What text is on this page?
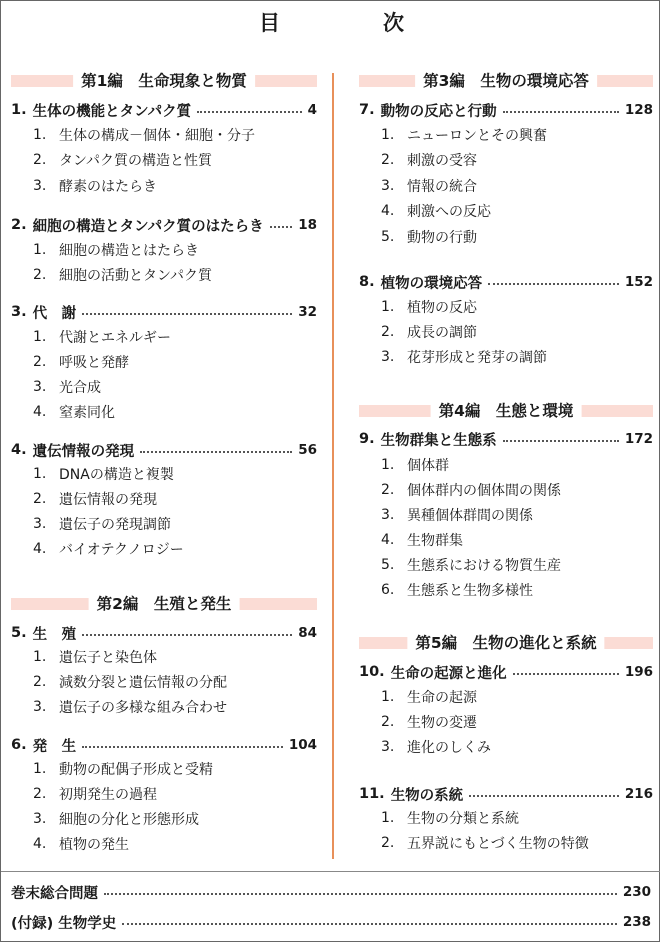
目	次
第1編　生命現象と物質
1. 生体の機能とタンパク質	4
1. 生体の構成－個体・細胞・分子
2. タンパク質の構造と性質
3. 酵素のはたらき
2. 細胞の構造とタンパク質のはたらき	18
1. 細胞の構造とはたらき
2. 細胞の活動とタンパク質
3. 代　謝	32
1. 代謝とエネルギー
2. 呼吸と発酵
3. 光合成
4. 窒素同化
4. 遺伝情報の発現	56
1. DNAの構造と複製
2. 遺伝情報の発現
3. 遺伝子の発現調節
4. バイオテクノロジー
第2編　生殖と発生
5. 生　殖	84
1. 遺伝子と染色体
2. 減数分裂と遺伝情報の分配
3. 遺伝子の多様な組み合わせ
6. 発　生	104
1. 動物の配偶子形成と受精
2. 初期発生の過程
3. 細胞の分化と形態形成
4. 植物の発生
第3編　生物の環境応答
7. 動物の反応と行動	128
1. ニューロンとその興奮
2. 刺激の受容
3. 情報の統合
4. 刺激への反応
5. 動物の行動
8. 植物の環境応答	152
1. 植物の反応
2. 成長の調節
3. 花芽形成と発芽の調節
第4編　生態と環境
9. 生物群集と生態系	172
1. 個体群
2. 個体群内の個体間の関係
3. 異種個体群間の関係
4. 生物群集
5. 生態系における物質生産
6. 生態系と生物多様性
第5編　生物の進化と系統
10. 生命の起源と進化	196
1. 生命の起源
2. 生物の変遷
3. 進化のしくみ
11. 生物の系統	216
1. 生物の分類と系統
2. 五界説にもとづく生物の特徴
巻末総合問題	230
(付録) 生物学史	238
